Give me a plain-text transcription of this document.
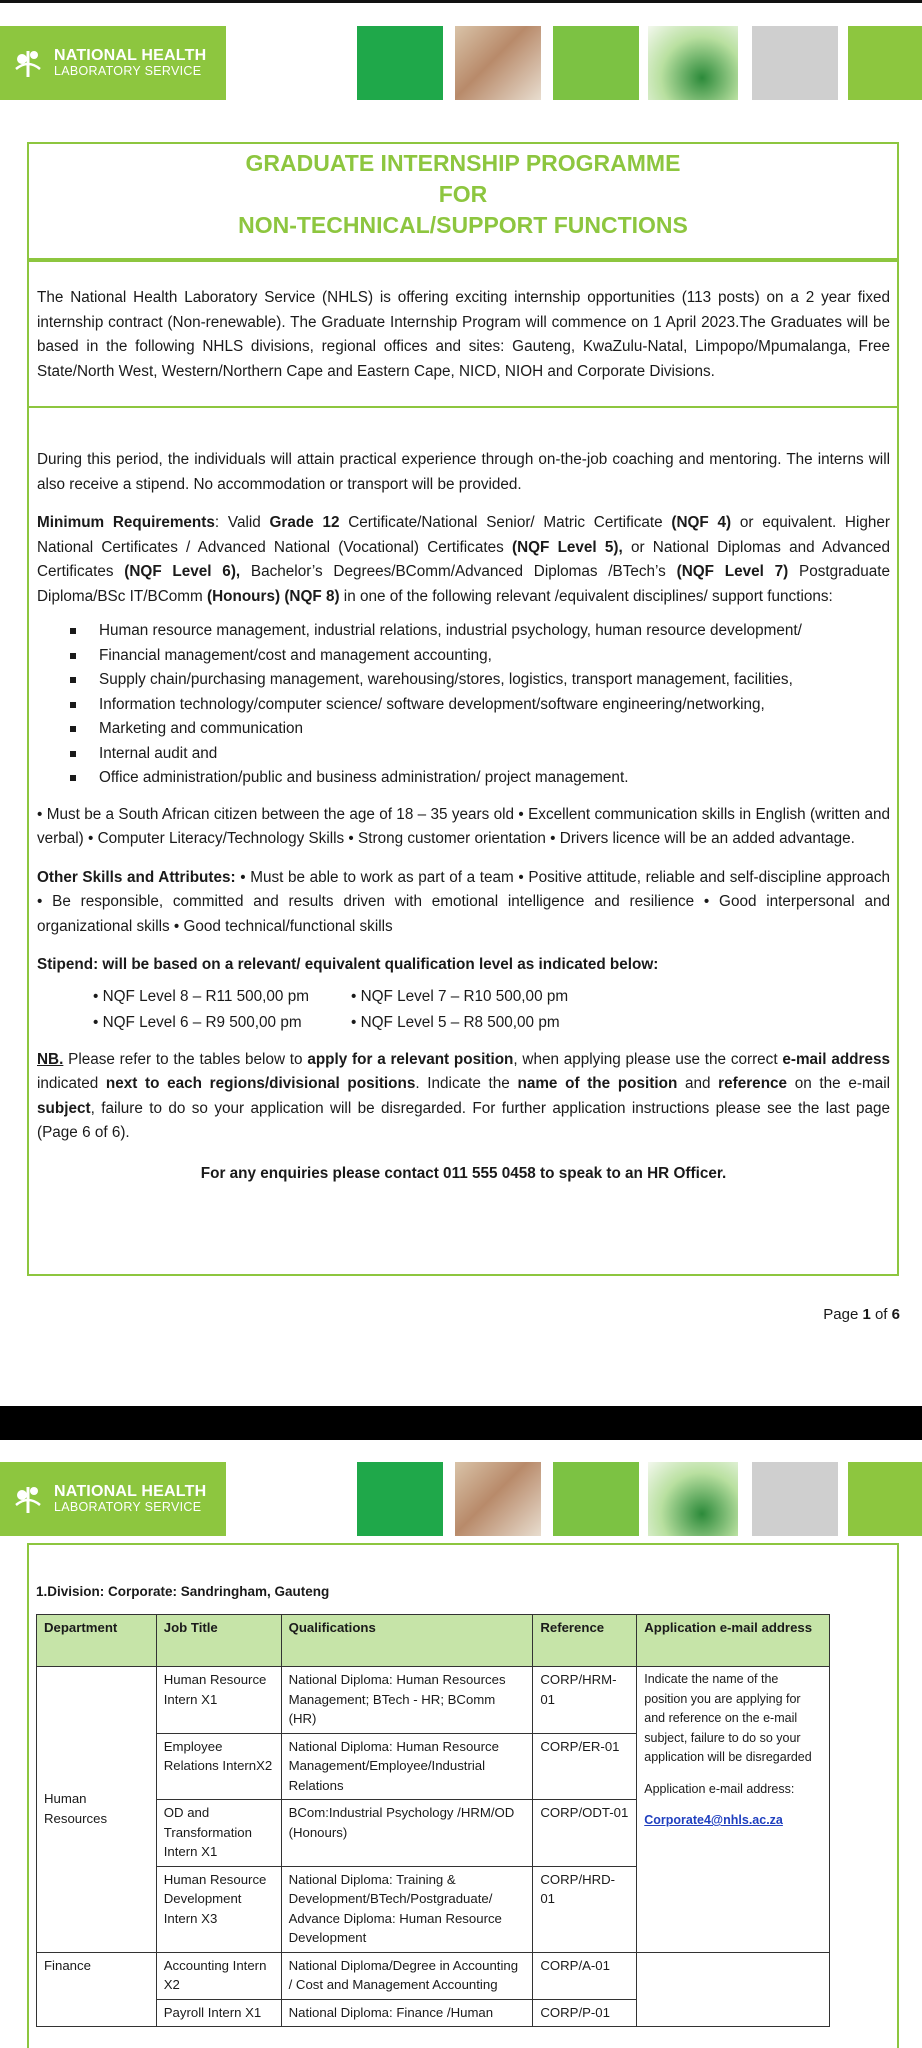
NATIONAL HEALTH
LABORATORY SERVICE
GRADUATE INTERNSHIP PROGRAMME
FOR
NON-TECHNICAL/SUPPORT FUNCTIONS

The National Health Laboratory Service (NHLS) is offering exciting internship opportunities (113 posts) on a 2 year fixed internship contract (Non-renewable). The Graduate Internship Program will commence on 1 April 2023.The Graduates will be based in the following NHLS divisions, regional offices and sites: Gauteng, KwaZulu-Natal, Limpopo/Mpumalanga, Free State/North West, Western/Northern Cape and Eastern Cape, NICD, NIOH and Corporate Divisions.

During this period, the individuals will attain practical experience through on-the-job coaching and mentoring. The interns will also receive a stipend. No accommodation or transport will be provided.

Minimum Requirements: Valid Grade 12 Certificate/National Senior/ Matric Certificate (NQF 4) or equivalent. Higher National Certificates / Advanced National (Vocational) Certificates (NQF Level 5), or National Diplomas and Advanced Certificates (NQF Level 6), Bachelor’s Degrees/BComm/Advanced Diplomas /BTech’s (NQF Level 7) Postgraduate Diploma/BSc IT/BComm (Honours) (NQF 8) in one of the following relevant /equivalent disciplines/ support functions:

Human resource management, industrial relations, industrial psychology, human resource development/
Financial management/cost and management accounting,
Supply chain/purchasing management, warehousing/stores, logistics, transport management, facilities,
Information technology/computer science/ software development/software engineering/networking,
Marketing and communication
Internal audit and
Office administration/public and business administration/ project management.

• Must be a South African citizen between the age of 18 – 35 years old • Excellent communication skills in English (written and verbal) • Computer Literacy/Technology Skills • Strong customer orientation • Drivers licence will be an added advantage.

Other Skills and Attributes: • Must be able to work as part of a team • Positive attitude, reliable and self-discipline approach • Be responsible, committed and results driven with emotional intelligence and resilience • Good interpersonal and organizational skills • Good technical/functional skills

Stipend: will be based on a relevant/ equivalent qualification level as indicated below:

• NQF Level 8 – R11 500,00 pm	• NQF Level 7 – R10 500,00 pm
• NQF Level 6 – R9 500,00 pm	• NQF Level 5 – R8 500,00 pm

NB. Please refer to the tables below to apply for a relevant position, when applying please use the correct e-mail address indicated next to each regions/divisional positions. Indicate the name of the position and reference on the e-mail subject, failure to do so your application will be disregarded. For further application instructions please see the last page (Page 6 of 6).

For any enquiries please contact 011 555 0458 to speak to an HR Officer.

Page 1 of 6
NATIONAL HEALTH
LABORATORY SERVICE
1.Division: Corporate: Sandringham, Gauteng
Department	Job Title	Qualifications	Reference	Application e-mail address
Human Resources	Human Resource Intern X1	National Diploma: Human Resources Management; BTech - HR; BComm (HR)	CORP/HRM-01	Indicate the name of the position you are applying for and reference on the e-mail subject, failure to do so your application will be disregarded

Application e-mail address:

Corporate4@nhls.ac.za
	Employee Relations InternX2	National Diploma: Human Resource Management/Employee/Industrial Relations	CORP/ER-01	
	OD and Transformation Intern X1	BCom:Industrial Psychology /HRM/OD (Honours)	CORP/ODT-01	
	Human Resource Development Intern X3	National Diploma: Training & Development/BTech/Postgraduate/ Advance Diploma: Human Resource Development	CORP/HRD-01	
Finance	Accounting Intern X2	National Diploma/Degree in Accounting / Cost and Management Accounting	CORP/A-01	
	Payroll Intern X1	National Diploma: Finance /Human	CORP/P-01	
